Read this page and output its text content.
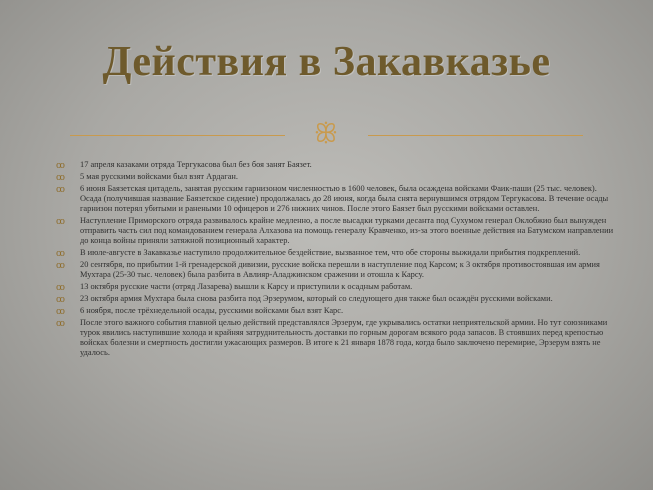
Действия в Закавказье
ꕥ
ꝏ	17 апреля казаками отряда Тергукасова был без боя занят Баязет.
ꝏ	5 мая русскими войсками был взят Ардаган.
ꝏ	6 июня Баязетская цитадель, занятая русским гарнизоном численностью в 1600 человек, была осаждена войсками Фаик-паши (25 тыс. человек). Осада (получившая название Баязетское сидение) продолжалась до 28 июня, когда была снята вернувшимся отрядом Тергукасова. В течение осады гарнизон потерял убитыми и ранеными 10 офицеров и 276 нижних чинов. После этого Баязет был русскими войсками оставлен.
ꝏ	Наступление Приморского отряда развивалось крайне медленно, а после высадки турками десанта под Сухумом генерал Оклобжио был вынужден отправить часть сил под командованием генерала Алхазова на помощь генералу Кравченко, из-за этого военные действия на Батумском направлении до конца войны приняли затяжной позиционный характер.
ꝏ	В июле-августе в Закавказье наступило продолжительное бездействие, вызванное тем, что обе стороны выжидали прибытия подкреплений.
ꝏ	20 сентября, по прибытии 1-й гренадерской дивизии, русские войска перешли в наступление под Карсом; к 3 октября противостоявшая им армия Мухтара (25-30 тыс. человек) была разбита в Авлияр-Аладжинском сражении и отошла к Карсу.
ꝏ	13 октября русские части (отряд Лазарева) вышли к Карсу и приступили к осадным работам.
ꝏ	23 октября армия Мухтара была снова разбита под Эрзерумом, который со следующего дня также был осаждён русскими войсками.
ꝏ	6 ноября, после трёхнедельной осады, русскими войсками был взят Карс.
ꝏ	После этого важного события главной целью действий представлялся Эрзерум, где укрывались остатки неприятельской армии. Но тут союзниками турок явились наступившие холода и крайняя затруднительность доставки по горным дорогам всякого рода запасов. В стоявших перед крепостью войсках болезни и смертность достигли ужасающих размеров. В итоге к 21 января 1878 года, когда было заключено перемирие, Эрзерум взять не удалось.
